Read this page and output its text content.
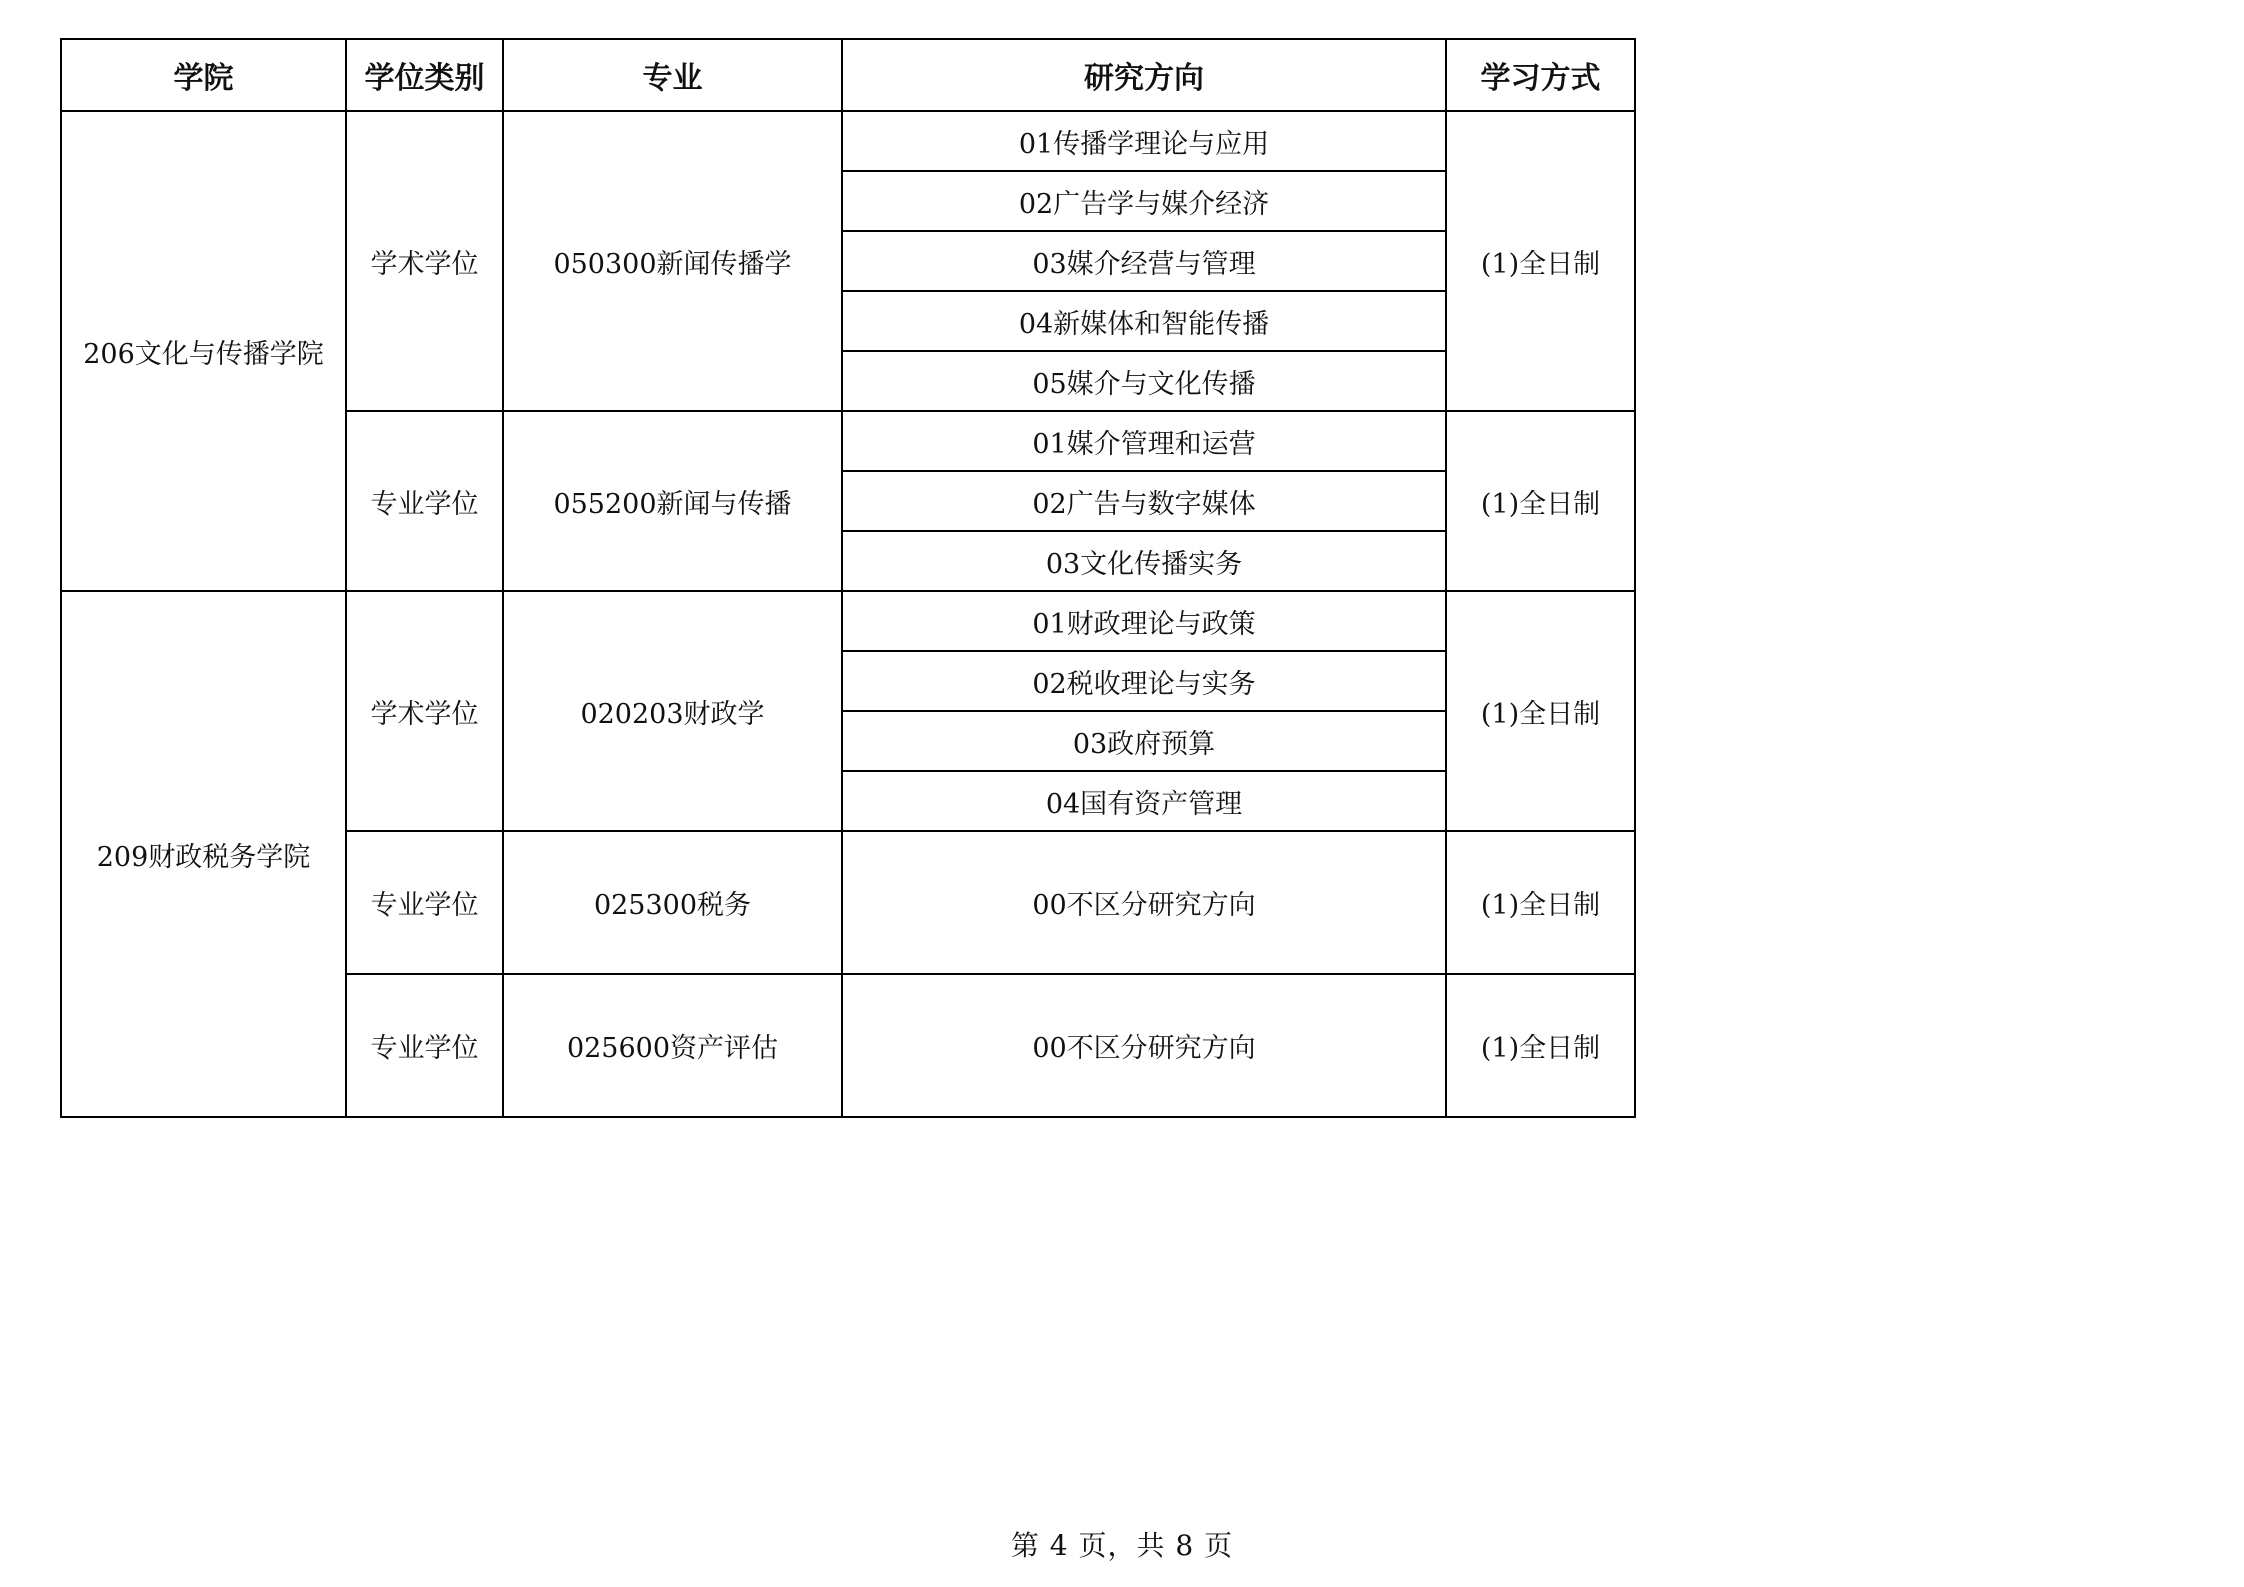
学院	学位类别	专业	研究方向	学习方式
206文化与传播学院	学术学位	050300新闻传播学	01传播学理论与应用	(1)全日制
			02广告学与媒介经济	
			03媒介经营与管理	
			04新媒体和智能传播	
			05媒介与文化传播	
	专业学位	055200新闻与传播	01媒介管理和运营	(1)全日制
			02广告与数字媒体	
			03文化传播实务	
209财政税务学院	学术学位	020203财政学	01财政理论与政策	(1)全日制
			02税收理论与实务	
			03政府预算	
			04国有资产管理	
	专业学位	025300税务	00不区分研究方向	(1)全日制
	专业学位	025600资产评估	00不区分研究方向	(1)全日制
第 4 页，共 8 页
